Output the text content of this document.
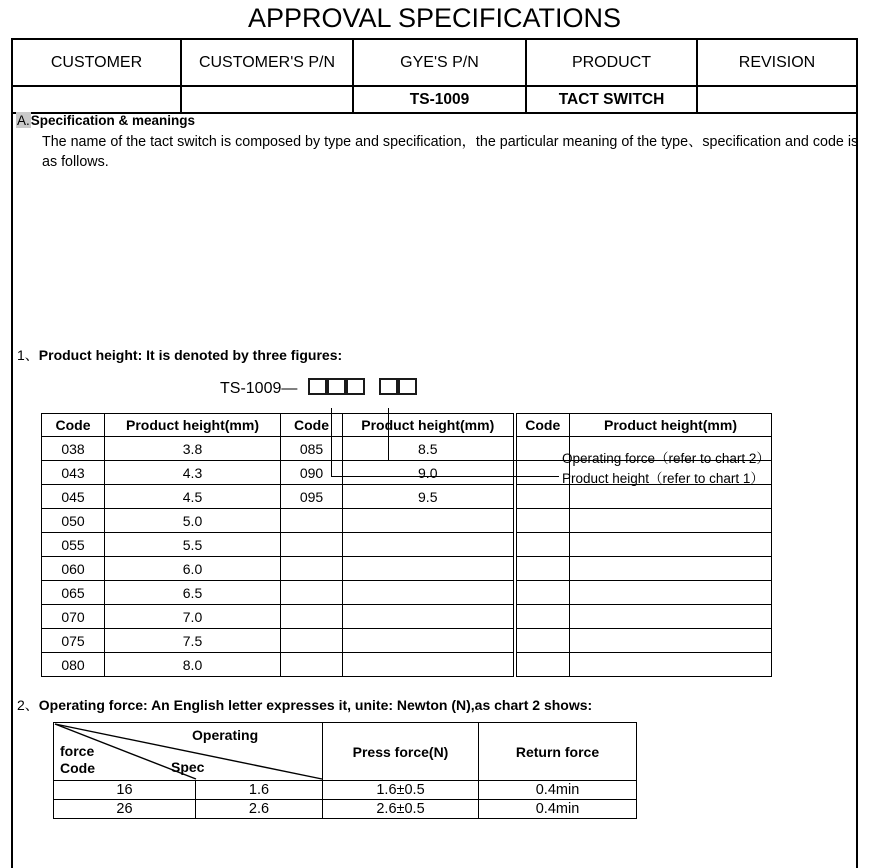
APPROVAL SPECIFICATIONS
CUSTOMER	CUSTOMER'S P/N	GYE'S P/N	PRODUCT	REVISION
		TS-1009	TACT SWITCH	
A.Specification & meanings
The name of the tact switch is composed by type and specification，the particular meaning of the type、specification and code is as follows.
TS-1009—
Operating force（refer to chart 2）
Product height（refer to chart 1）
1、Product height: It is denoted by three figures:
Code	Product height(mm)	Code	Product height(mm)	Code	Product height(mm)
038	3.8	085	8.5		
043	4.3	090	9.0		
045	4.5	095	9.5		
050	5.0				
055	5.5				
060	6.0				
065	6.5				
070	7.0				
075	7.5				
080	8.0				
2、Operating force: An English letter expresses it, unite: Newton (N),as chart 2 shows:
Operating
Spec
force
Code		Press force(N)	Return force
16	1.6	1.6±0.5	0.4min
26	2.6	2.6±0.5	0.4min
